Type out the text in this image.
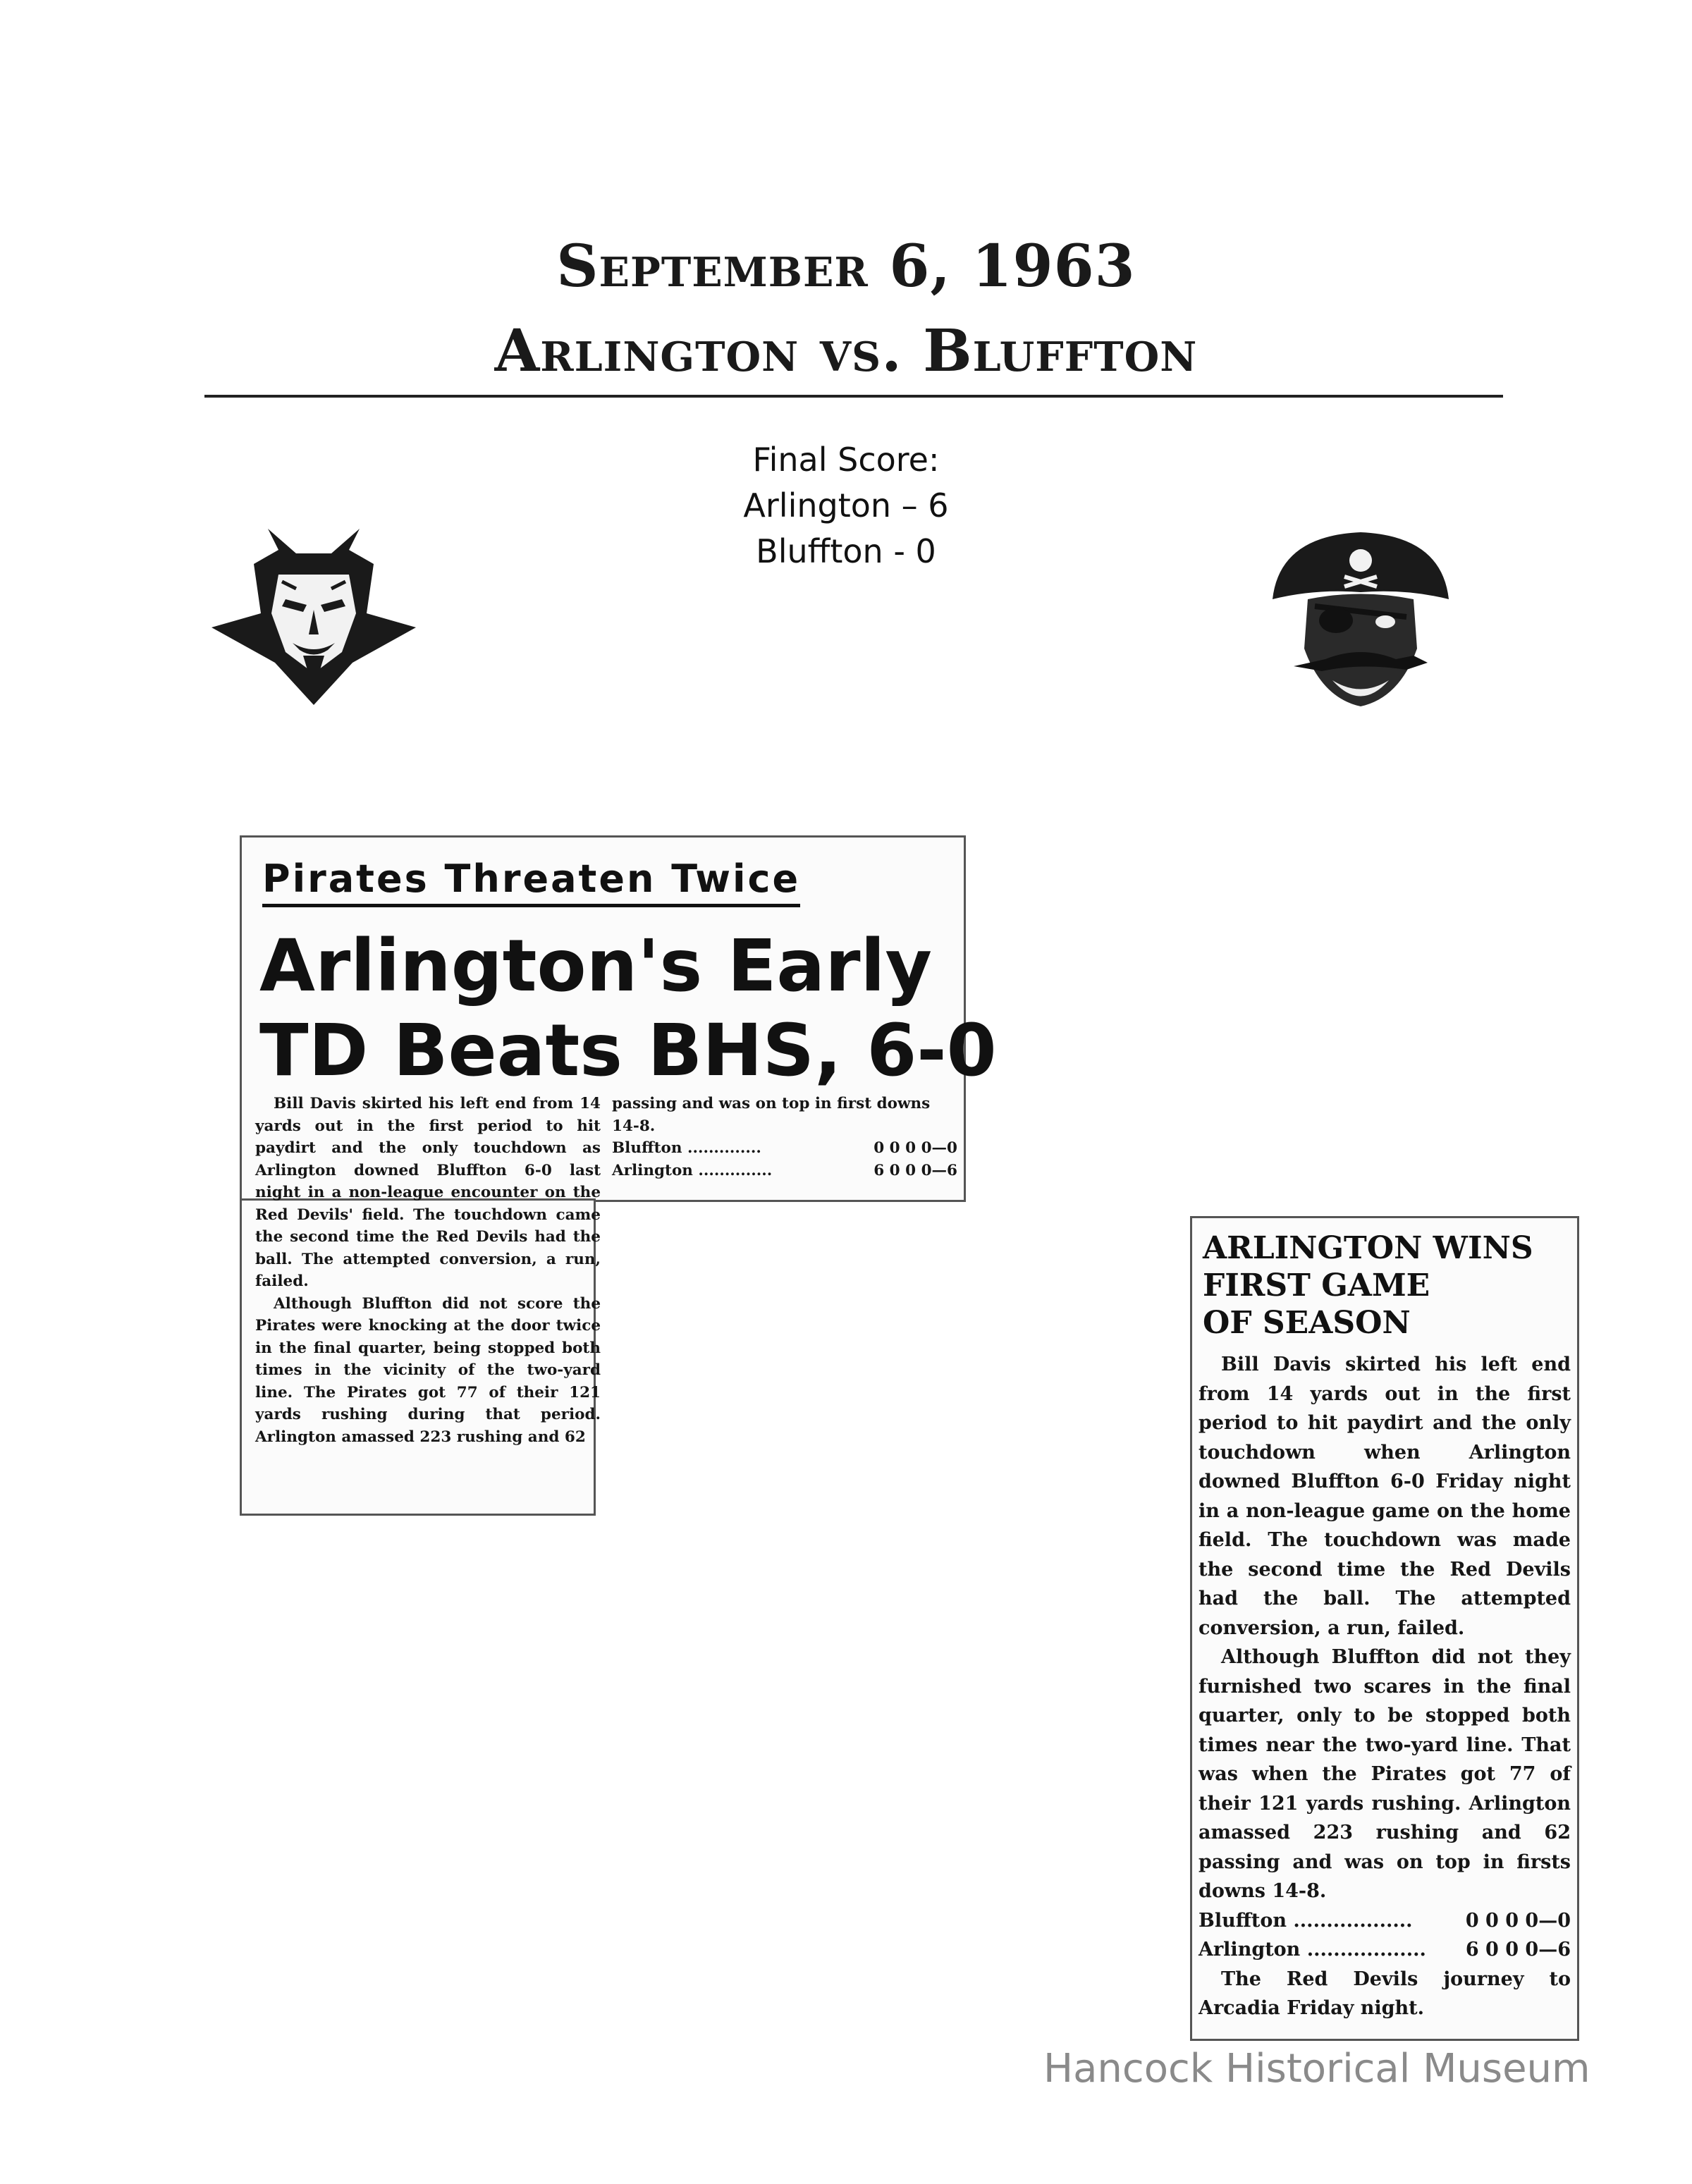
September 6, 1963
Arlington vs. Bluffton
Final Score:
Arlington – 6
Bluffton - 0
Pirates Threaten Twice
Arlington's Early
TD Beats BHS, 6-0

Bill Davis skirted his left end from 14 yards out in the first period to hit paydirt and the only touchdown as Arlington downed Bluffton 6-0 last night in a non-league encounter on the Red Devils' field. The touchdown came the second time the Red Devils had the ball. The attempted conversion, a run, failed.

Although Bluffton did not score the Pirates were knocking at the door twice in the final quarter, being stopped both times in the vicinity of the two-yard line. The Pirates got 77 of their 121 yards rushing during that period. Arlington amassed 223 rushing and 62

passing and was on top in first downs 14-8.
Bluffton ..............	0 0 0 0—0
Arlington ..............	6 0 0 0—6
ARLINGTON WINS
FIRST GAME
OF SEASON

Bill Davis skirted his left end from 14 yards out in the first period to hit paydirt and the only touchdown when Arlington downed Bluffton 6-0 Friday night in a non-league game on the home field. The touchdown was made the second time the Red Devils had the ball. The attempted conversion, a run, failed.

Although Bluffton did not they furnished two scares in the final quarter, only to be stopped both times near the two-yard line. That was when the Pirates got 77 of their 121 yards rushing. Arlington amassed 223 rushing and 62 passing and was on top in firsts downs 14-8.

Bluffton ..................	0 0 0 0—0
Arlington .................. 6 0 0 0—6

The Red Devils journey to Arcadia Friday night.

Hancock Historical Museum
